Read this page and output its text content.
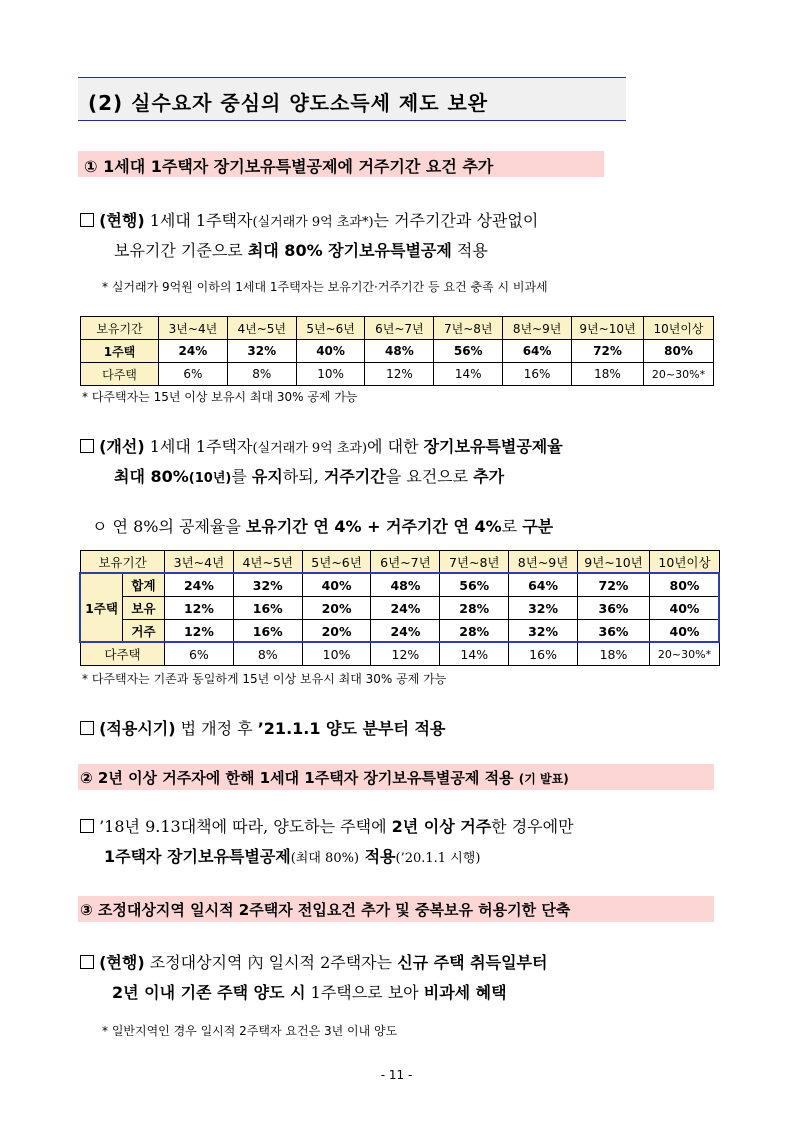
(2) 실수요자 중심의 양도소득세 제도 보완
① 1세대 1주택자 장기보유특별공제에 거주기간 요건 추가
(현행) 1세대 1주택자(실거래가 9억 초과*)는 거주기간과 상관없이
보유기간 기준으로 최대 80% 장기보유특별공제 적용
* 실거래가 9억원 이하의 1세대 1주택자는 보유기간·거주기간 등 요건 충족 시 비과세
보유기간	3년~4년	4년~5년	5년~6년	6년~7년	7년~8년	8년~9년	9년~10년	10년이상
1주택	24%	32%	40%	48%	56%	64%	72%	80%
다주택	6%	8%	10%	12%	14%	16%	18%	20~30%*
* 다주택자는 15년 이상 보유시 최대 30% 공제 가능
(개선) 1세대 1주택자(실거래가 9억 초과)에 대한 장기보유특별공제율
최대 80%(10년)를 유지하되, 거주기간을 요건으로 추가
ㅇ 연 8%의 공제율을 보유기간 연 4% + 거주기간 연 4%로 구분
보유기간		3년~4년	4년~5년	5년~6년	6년~7년	7년~8년	8년~9년	9년~10년	10년이상
1주택	합계	24%	32%	40%	48%	56%	64%	72%	80%
	보유	12%	16%	20%	24%	28%	32%	36%	40%
	거주	12%	16%	20%	24%	28%	32%	36%	40%
다주택		6%	8%	10%	12%	14%	16%	18%	20~30%*
* 다주택자는 기존과 동일하게 15년 이상 보유시 최대 30% 공제 가능
(적용시기) 법 개정 후 ’21.1.1 양도 분부터 적용
② 2년 이상 거주자에 한해 1세대 1주택자 장기보유특별공제 적용 (기 발표)
’18년 9.13대책에 따라, 양도하는 주택에 2년 이상 거주한 경우에만
1주택자 장기보유특별공제(최대 80%) 적용(’20.1.1 시행)
③ 조정대상지역 일시적 2주택자 전입요건 추가 및 중복보유 허용기한 단축
(현행) 조정대상지역 內 일시적 2주택자는 신규 주택 취득일부터
2년 이내 기존 주택 양도 시 1주택으로 보아 비과세 혜택
* 일반지역인 경우 일시적 2주택자 요건은 3년 이내 양도
- 11 -
